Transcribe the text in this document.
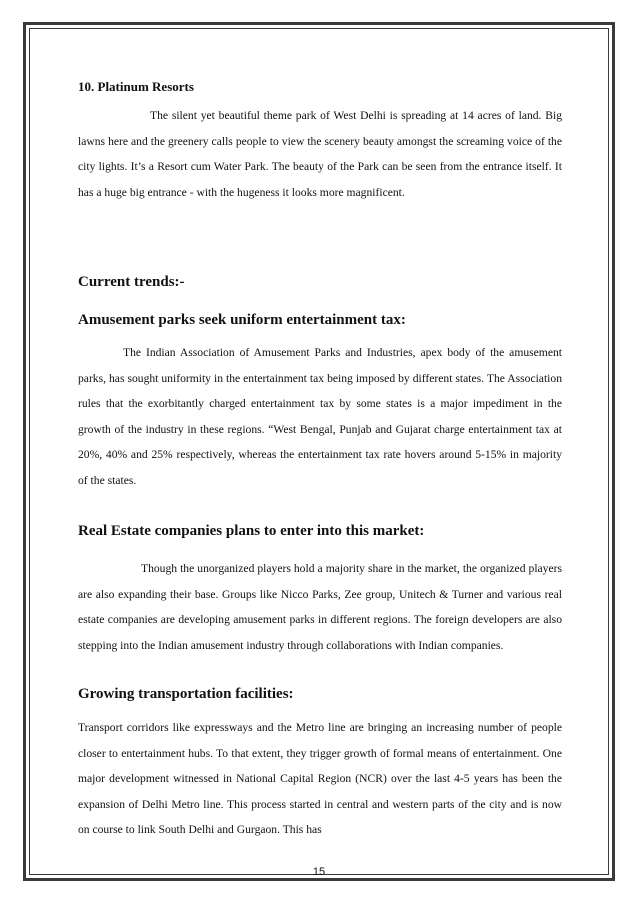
10. Platinum Resorts

The silent yet beautiful theme park of West Delhi is spreading at 14 acres of land. Big lawns here and the greenery calls people to view the scenery beauty amongst the screaming voice of the city lights. It’s a Resort cum Water Park. The beauty of the Park can be seen from the entrance itself. It has a huge big entrance - with the hugeness it looks more magnificent.

Current trends:-
Amusement parks seek uniform entertainment tax:

The Indian Association of Amusement Parks and Industries, apex body of the amusement parks, has sought uniformity in the entertainment tax being imposed by different states. The Association rules that the exorbitantly charged entertainment tax by some states is a major impediment in the growth of the industry in these regions. “West Bengal, Punjab and Gujarat charge entertainment tax at 20%, 40% and 25% respectively, whereas the entertainment tax rate hovers around 5-15% in majority of the states.

Real Estate companies plans to enter into this market:

Though the unorganized players hold a majority share in the market, the organized players are also expanding their base. Groups like Nicco Parks, Zee group, Unitech & Turner and various real estate companies are developing amusement parks in different regions. The foreign developers are also stepping into the Indian amusement industry through collaborations with Indian companies.

Growing transportation facilities:

Transport corridors like expressways and the Metro line are bringing an increasing number of people closer to entertainment hubs. To that extent, they trigger growth of formal means of entertainment. One major development witnessed in National Capital Region (NCR) over the last 4-5 years has been the expansion of Delhi Metro line. This process started in central and western parts of the city and is now on course to link South Delhi and Gurgaon. This has

15
